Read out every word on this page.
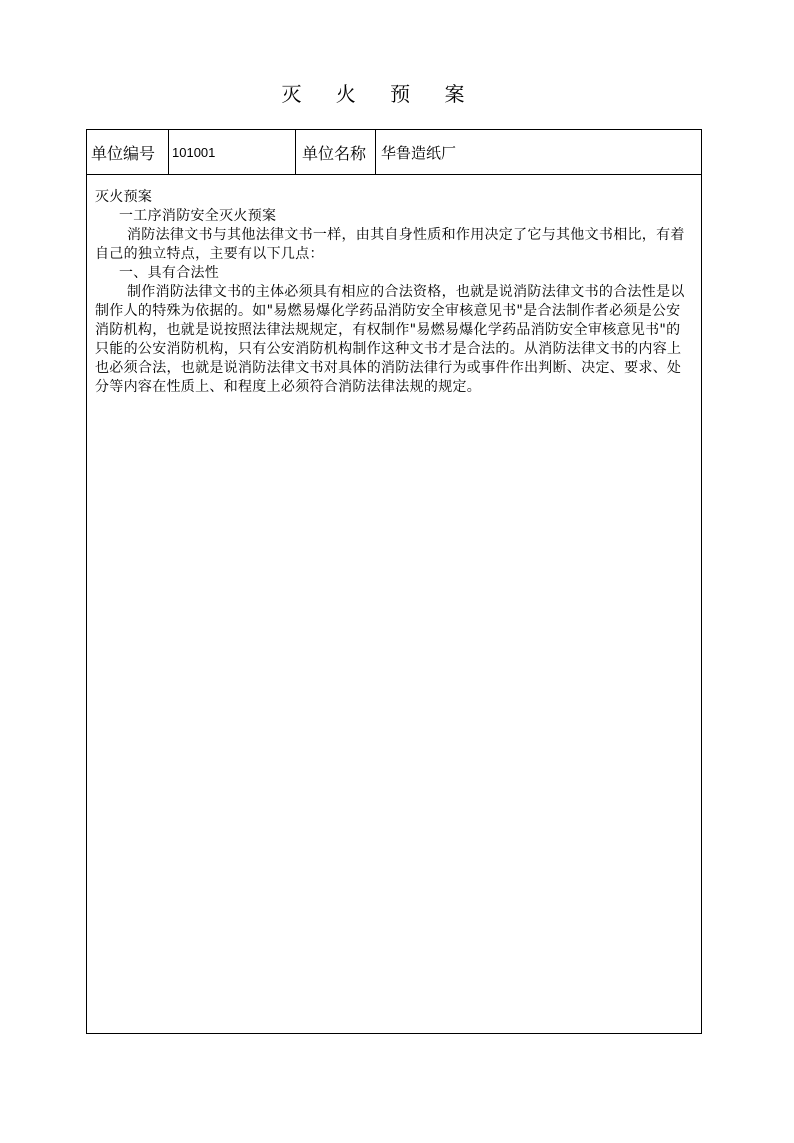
灭 火 预 案
单位编号	101001	单位名称 华鲁造纸厂

灭火预案

一工序消防安全灭火预案

消防法律文书与其他法律文书一样，由其自身性质和作用决定了它与其他文书相比，有着自己的独立特点，主要有以下几点：

一、具有合法性

制作消防法律文书的主体必须具有相应的合法资格，也就是说消防法律文书的合法性是以制作人的特殊为依据的。如"易燃易爆化学药品消防安全审核意见书"是合法制作者必须是公安消防机构，也就是说按照法律法规规定，有权制作"易燃易爆化学药品消防安全审核意见书"的只能的公安消防机构，只有公安消防机构制作这种文书才是合法的。从消防法律文书的内容上也必须合法，也就是说消防法律文书对具体的消防法律行为或事件作出判断、决定、要求、处分等内容在性质上、和程度上必须符合消防法律法规的规定。
